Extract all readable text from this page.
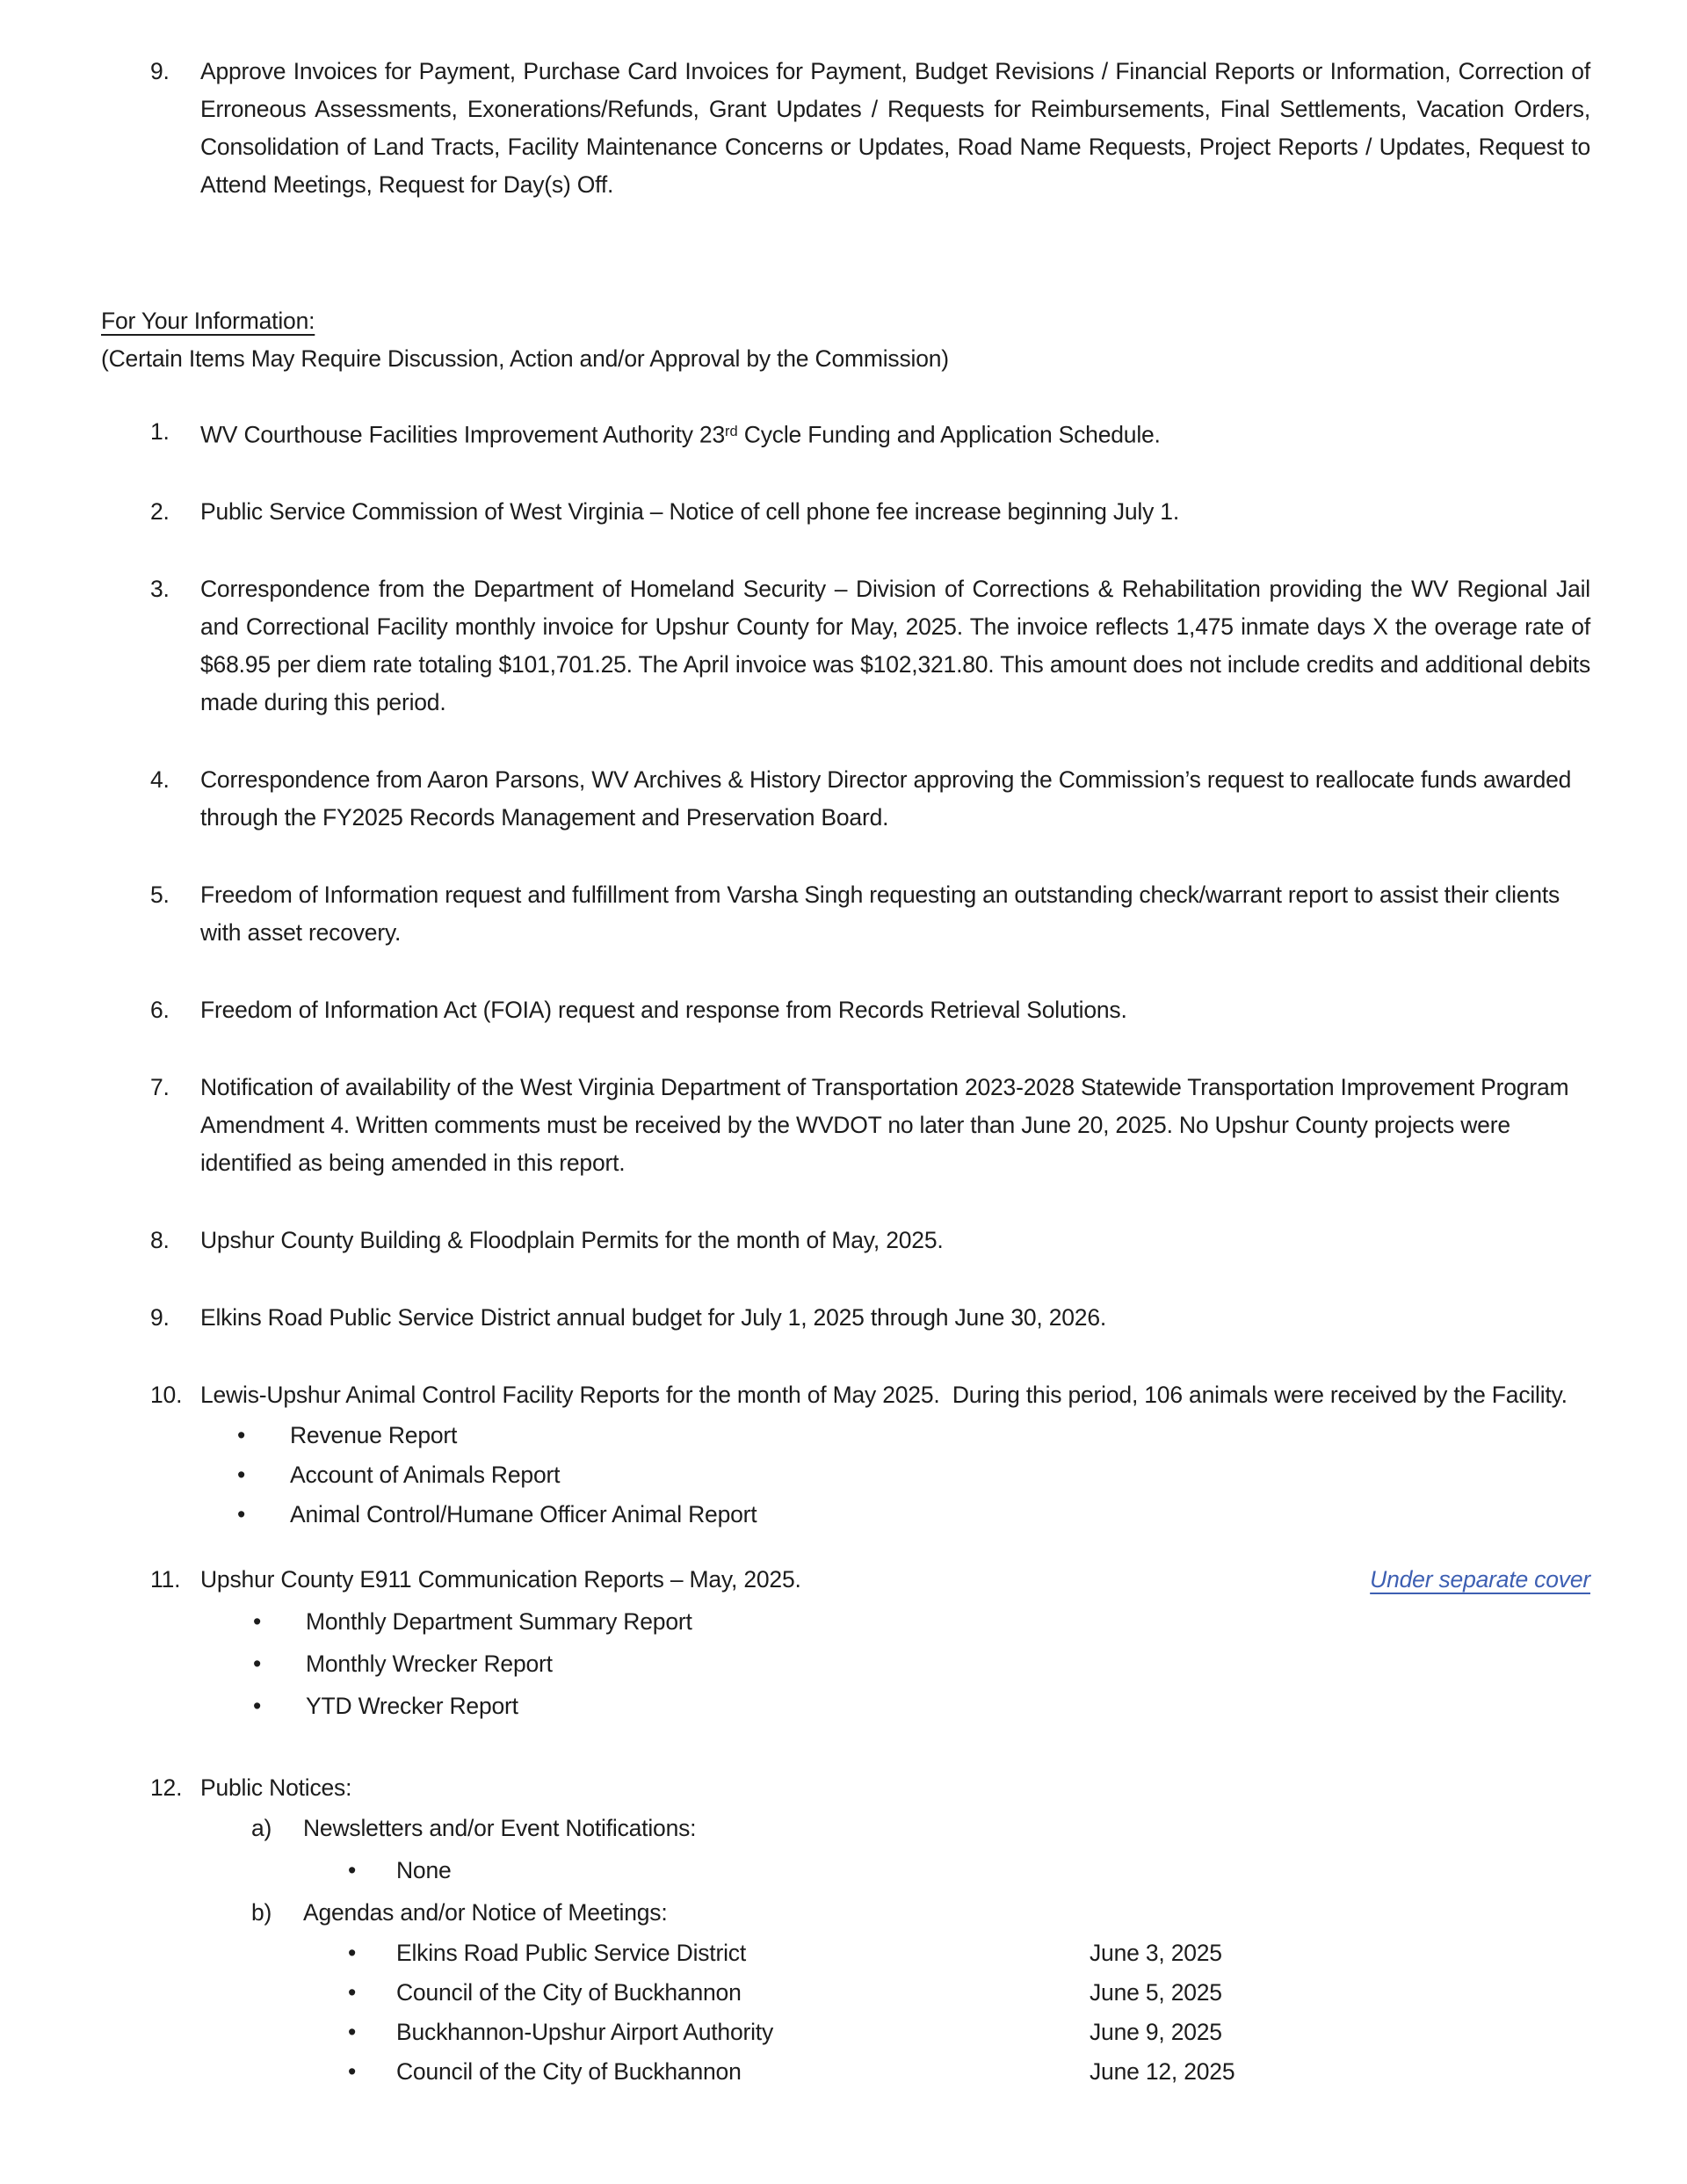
9.	Approve Invoices for Payment, Purchase Card Invoices for Payment, Budget Revisions / Financial Reports or Information, Correction of Erroneous Assessments, Exonerations/Refunds, Grant Updates / Requests for Reimbursements, Final Settlements, Vacation Orders, Consolidation of Land Tracts, Facility Maintenance Concerns or Updates, Road Name Requests, Project Reports / Updates, Request to Attend Meetings, Request for Day(s) Off.
For Your Information:
(Certain Items May Require Discussion, Action and/or Approval by the Commission)
1.	WV Courthouse Facilities Improvement Authority 23rd Cycle Funding and Application Schedule.
2.	Public Service Commission of West Virginia – Notice of cell phone fee increase beginning July 1.
3.	Correspondence from the Department of Homeland Security – Division of Corrections & Rehabilitation providing the WV Regional Jail and Correctional Facility monthly invoice for Upshur County for May, 2025. The invoice reflects 1,475 inmate days X the overage rate of $68.95 per diem rate totaling $101,701.25. The April invoice was $102,321.80. This amount does not include credits and additional debits made during this period.
4.	Correspondence from Aaron Parsons, WV Archives & History Director approving the Commission’s request to reallocate funds awarded through the FY2025 Records Management and Preservation Board.
5.	Freedom of Information request and fulfillment from Varsha Singh requesting an outstanding check/warrant report to assist their clients with asset recovery.
6.	Freedom of Information Act (FOIA) request and response from Records Retrieval Solutions.
7.	Notification of availability of the West Virginia Department of Transportation 2023-2028 Statewide Transportation Improvement Program Amendment 4. Written comments must be received by the WVDOT no later than June 20, 2025. No Upshur County projects were identified as being amended in this report.
8.	Upshur County Building & Floodplain Permits for the month of May, 2025.
9.	Elkins Road Public Service District annual budget for July 1, 2025 through June 30, 2026.
10. Lewis-Upshur Animal Control Facility Reports for the month of May 2025.  During this period, 106 animals were received by the Facility.
•	Revenue Report
•	Account of Animals Report
•	Animal Control/Humane Officer Animal Report
11. Upshur County E911 Communication Reports – May, 2025.	Under separate cover
•	Monthly Department Summary Report
•	Monthly Wrecker Report
•	YTD Wrecker Report
12. Public Notices:
a)	Newsletters and/or Event Notifications:
•	None
b)	Agendas and/or Notice of Meetings:
•	Elkins Road Public Service District	June 3, 2025
•	Council of the City of Buckhannon	June 5, 2025
•	Buckhannon-Upshur Airport Authority	June 9, 2025
•	Council of the City of Buckhannon	June 12, 2025
